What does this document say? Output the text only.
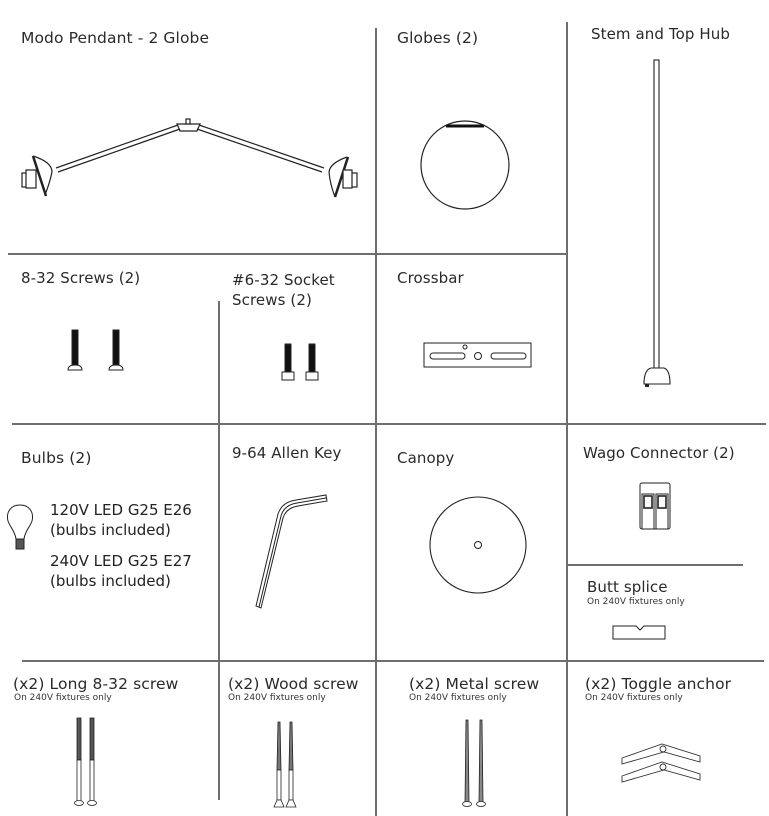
Modo Pendant - 2 Globe	Globes (2)	Stem and Top Hub
8-32 Screws (2)	#6-32 Socket
Screws (2)
Crossbar
Bulbs (2)
120V LED G25 E26
(bulbs included)
240V LED G25 E27
(bulbs included)
9-64 Allen Key	Canopy	Wago Connector (2)
Butt splice
On 240V fixtures only
(x2) Long 8-32 screw
On 240V fixtures only
(x2) Wood screw
On 240V fixtures only
(x2) Metal screw
On 240V fixtures only
(x2) Toggle anchor
On 240V fixtures only
